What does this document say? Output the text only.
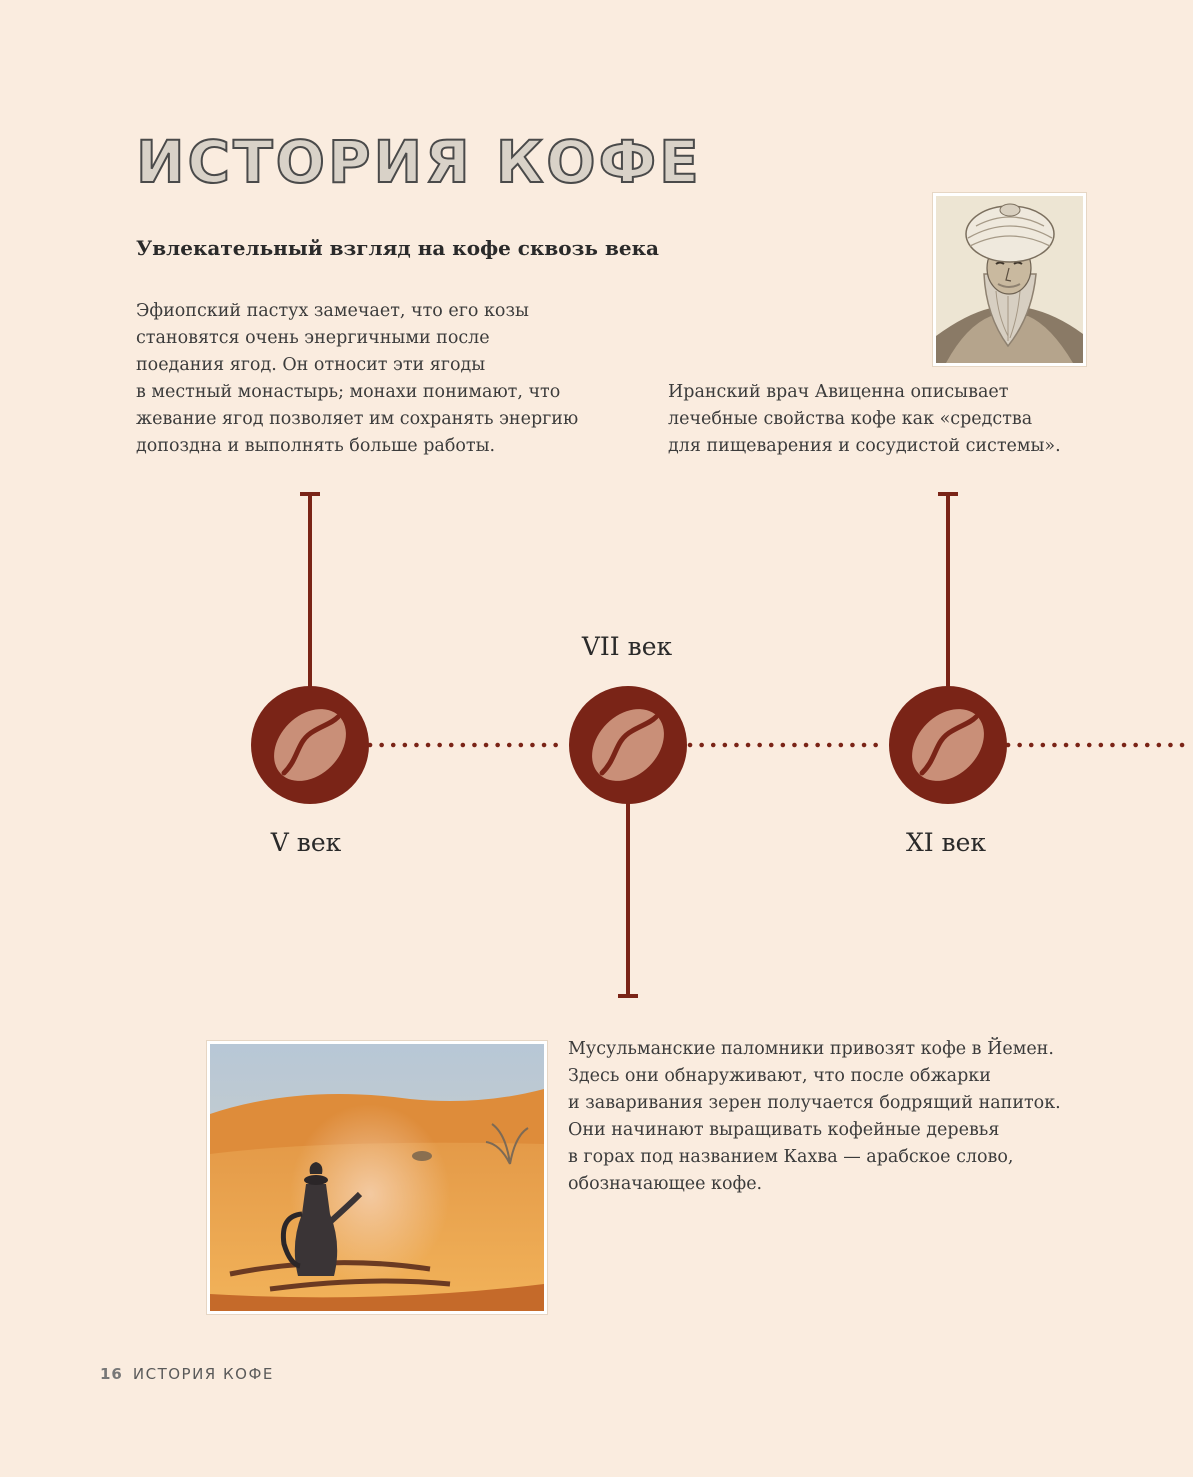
ИСТОРИЯ КОФЕ
Увлекательный взгляд на кофе сквозь века
Эфиопский пастух замечает, что его козы
становятся очень энергичными после
поедания ягод. Он относит эти ягоды
в местный монастырь; монахи понимают, что
жевание ягод позволяет им сохранять энергию
допоздна и выполнять больше работы.
Иранский врач Авиценна описывает
лечебные свойства кофе как «средства
для пищеварения и сосудистой системы».
Мусульманские паломники привозят кофе в Йемен.
Здесь они обнаруживают, что после обжарки
и заваривания зерен получается бодрящий напиток.
Они начинают выращивать кофейные деревья
в горах под названием Кахва — арабское слово,
обозначающее кофе.
V век
VII век
XI век
16 ИСТОРИЯ КОФЕ
